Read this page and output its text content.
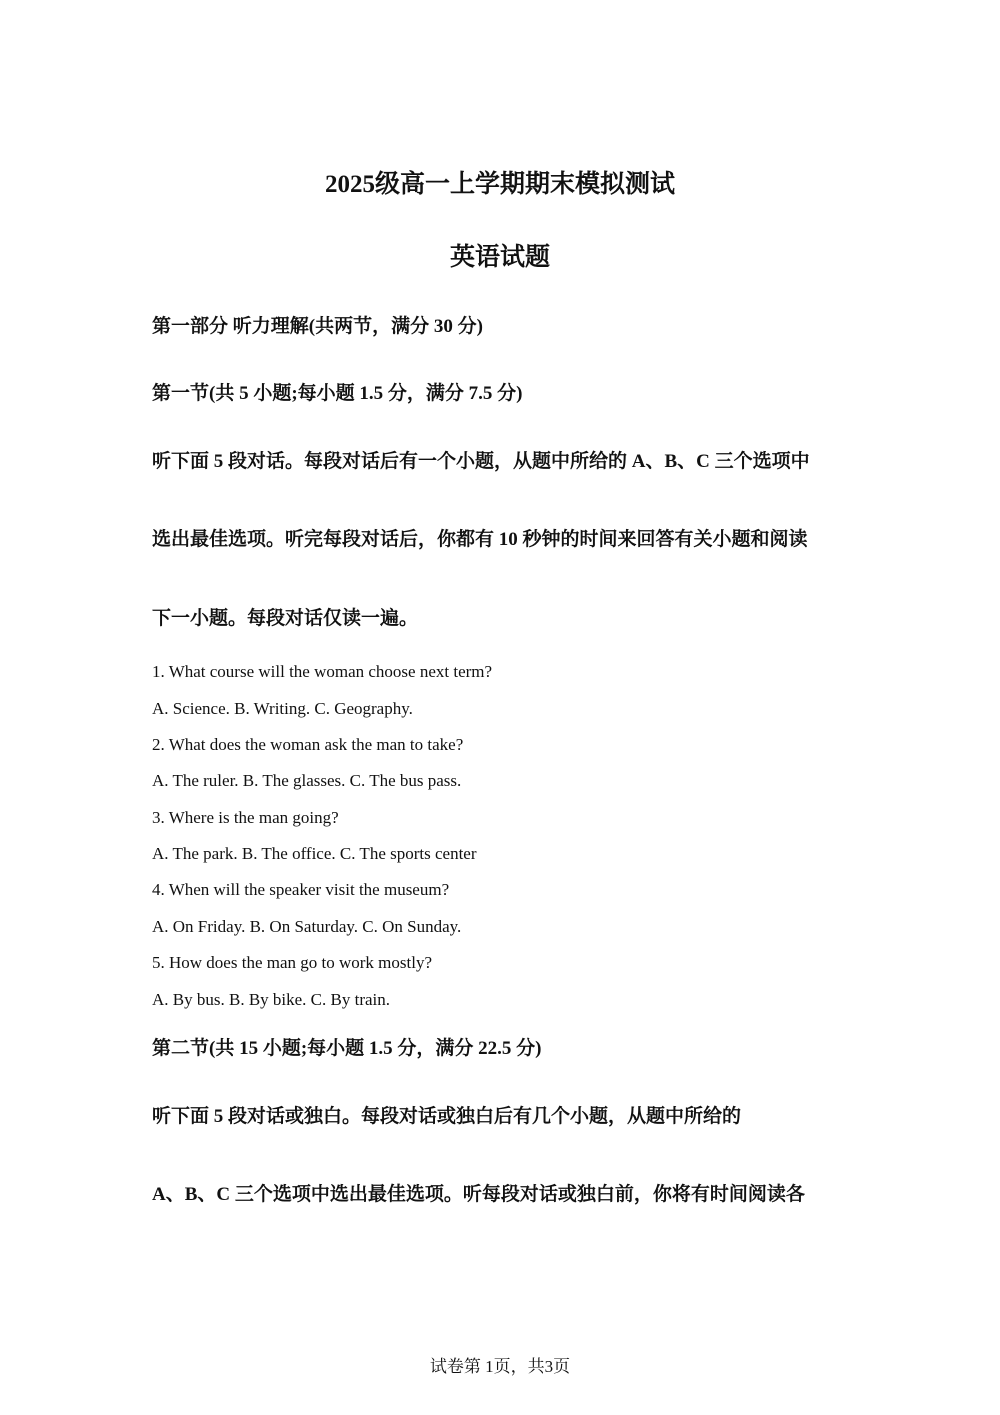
2025级高一上学期期末模拟测试
英语试题
第一部分 听力理解(共两节，满分 30 分)
第一节(共 5 小题;每小题 1.5 分，满分 7.5 分)
听下面 5 段对话。每段对话后有一个小题，从题中所给的 A、B、C 三个选项中
选出最佳选项。听完每段对话后，你都有 10 秒钟的时间来回答有关小题和阅读
下一小题。每段对话仅读一遍。
1. What course will the woman choose next term?
A. Science. B. Writing. C. Geography.
2. What does the woman ask the man to take?
A. The ruler. B. The glasses. C. The bus pass.
3. Where is the man going?
A. The park. B. The office. C. The sports center
4. When will the speaker visit the museum?
A. On Friday. B. On Saturday. C. On Sunday.
5. How does the man go to work mostly?
A. By bus. B. By bike. C. By train.
第二节(共 15 小题;每小题 1.5 分，满分 22.5 分)
听下面 5 段对话或独白。每段对话或独白后有几个小题，从题中所给的
A、B、C 三个选项中选出最佳选项。听每段对话或独白前，你将有时间阅读各
试卷第 1页，共3页
